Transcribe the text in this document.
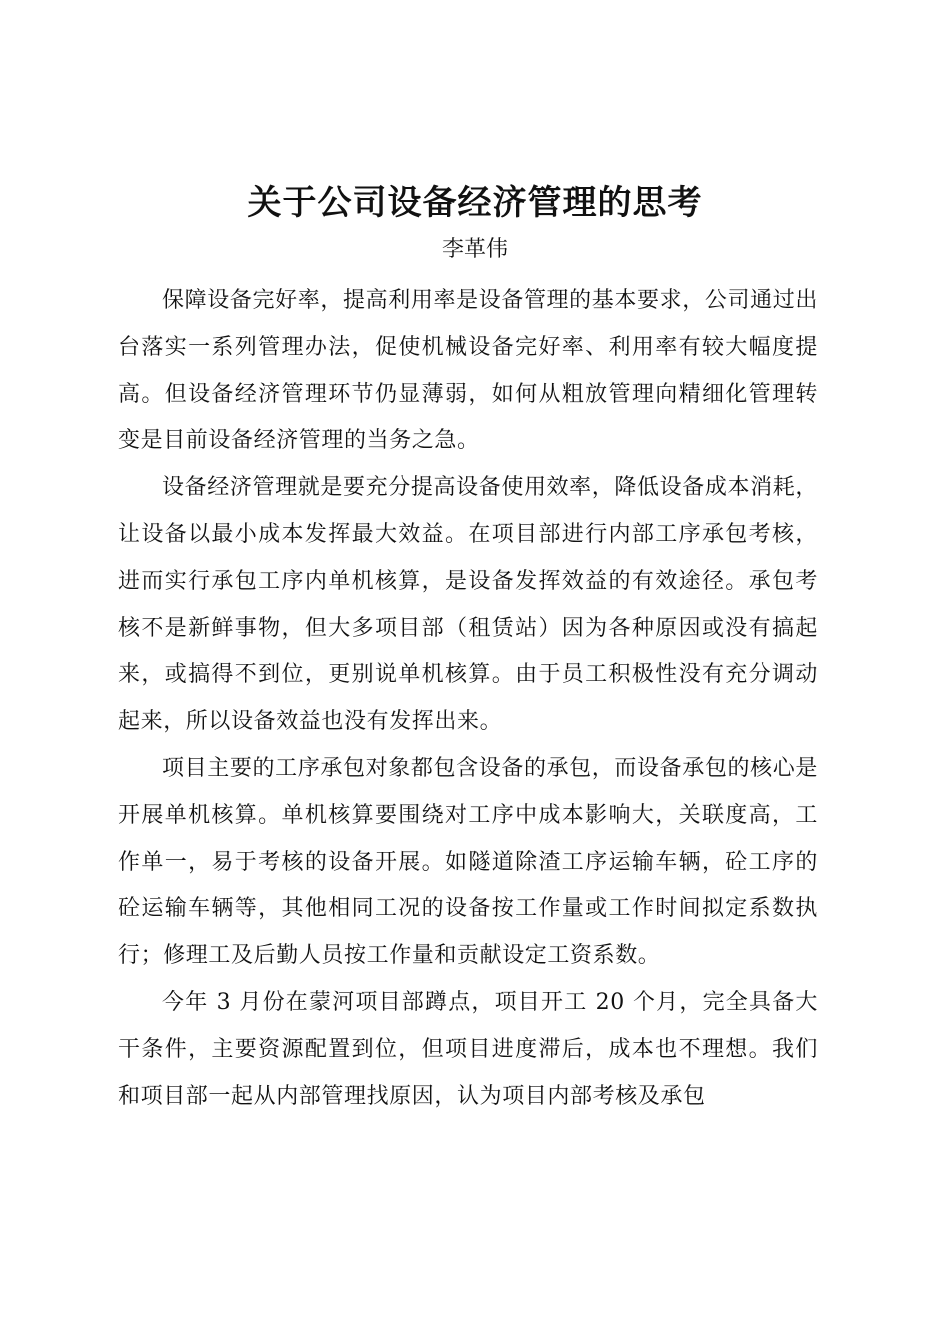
关于公司设备经济管理的思考
李革伟

保障设备完好率，提高利用率是设备管理的基本要求，公司通过出台落实一系列管理办法，促使机械设备完好率、利用率有较大幅度提高。但设备经济管理环节仍显薄弱，如何从粗放管理向精细化管理转变是目前设备经济管理的当务之急。

设备经济管理就是要充分提高设备使用效率，降低设备成本消耗，让设备以最小成本发挥最大效益。在项目部进行内部工序承包考核，进而实行承包工序内单机核算，是设备发挥效益的有效途径。承包考核不是新鲜事物，但大多项目部（租赁站）因为各种原因或没有搞起来，或搞得不到位，更别说单机核算。由于员工积极性没有充分调动起来，所以设备效益也没有发挥出来。

项目主要的工序承包对象都包含设备的承包，而设备承包的核心是开展单机核算。单机核算要围绕对工序中成本影响大，关联度高，工作单一，易于考核的设备开展。如隧道除渣工序运输车辆，砼工序的砼运输车辆等，其他相同工况的设备按工作量或工作时间拟定系数执行；修理工及后勤人员按工作量和贡献设定工资系数。

今年 3 月份在蒙河项目部蹲点，项目开工 20 个月，完全具备大干条件，主要资源配置到位，但项目进度滞后，成本也不理想。我们和项目部一起从内部管理找原因，认为项目内部考核及承包
